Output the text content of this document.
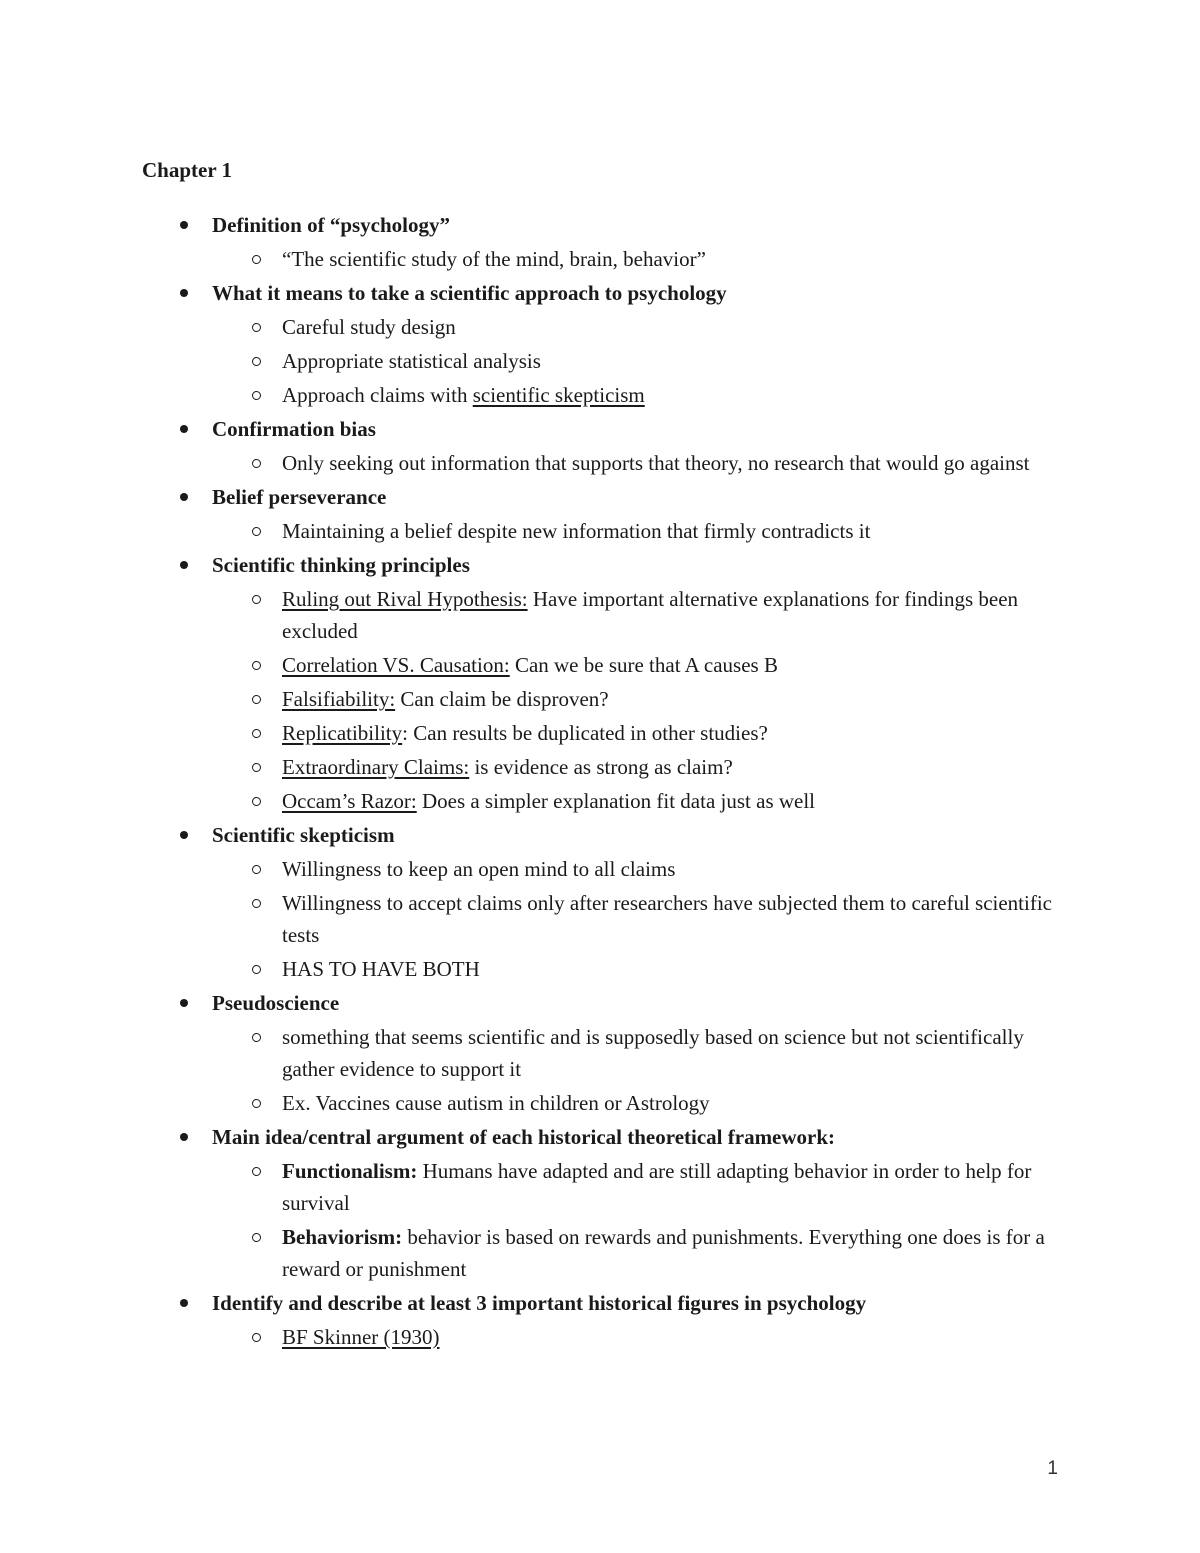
Chapter 1
Definition of “psychology”
“The scientific study of the mind, brain, behavior”
What it means to take a scientific approach to psychology
Careful study design
Appropriate statistical analysis
Approach claims with scientific skepticism
Confirmation bias
Only seeking out information that supports that theory, no research that would go against
Belief perseverance
Maintaining a belief despite new information that firmly contradicts it
Scientific thinking principles
Ruling out Rival Hypothesis: Have important alternative explanations for findings been excluded
Correlation VS. Causation: Can we be sure that A causes B
Falsifiability: Can claim be disproven?
Replicatibility: Can results be duplicated in other studies?
Extraordinary Claims: is evidence as strong as claim?
Occam’s Razor: Does a simpler explanation fit data just as well
Scientific skepticism
Willingness to keep an open mind to all claims
Willingness to accept claims only after researchers have subjected them to careful scientific tests
HAS TO HAVE BOTH
Pseudoscience
something that seems scientific and is supposedly based on science but not scientifically gather evidence to support it
Ex. Vaccines cause autism in children or Astrology
Main idea/central argument of each historical theoretical framework:
Functionalism: Humans have adapted and are still adapting behavior in order to help for survival
Behaviorism: behavior is based on rewards and punishments. Everything one does is for a reward or punishment
Identify and describe at least 3 important historical figures in psychology
BF Skinner (1930)
1
